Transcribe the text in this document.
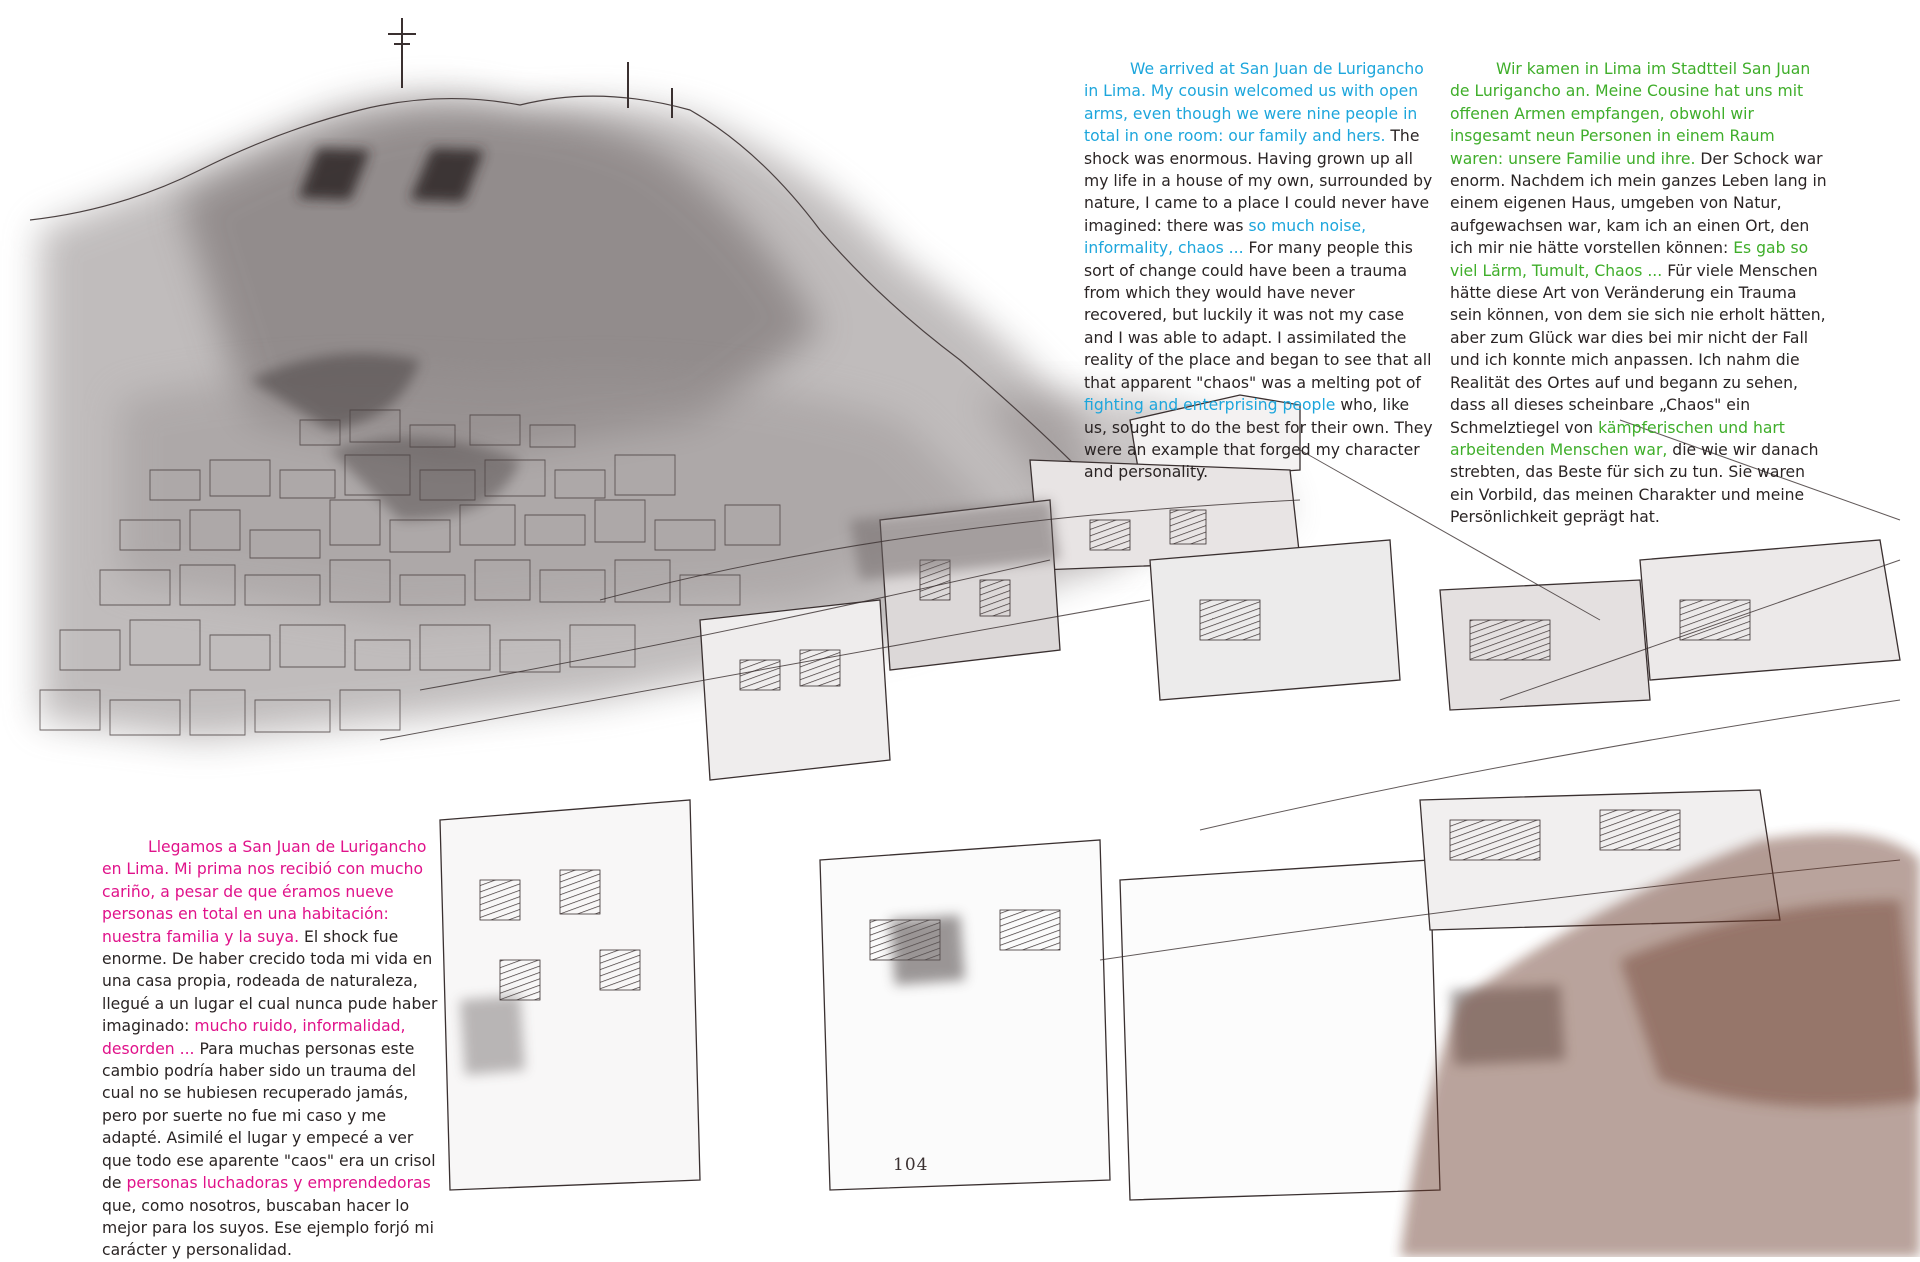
We arrived at San Juan de Lurigancho in Lima. My cousin welcomed us with open arms, even though we were nine people in total in one room: our family and hers. The shock was enormous. Having grown up all my life in a house of my own, surrounded by nature, I came to a place I could never have imagined: there was so much noise, informality, chaos ... For many people this sort of change could have been a trauma from which they would have never recovered, but luckily it was not my case and I was able to adapt. I assimilated the reality of the place and began to see that all that apparent "chaos" was a melting pot of fighting and enterprising people who, like us, sought to do the best for their own. They were an example that forged my character and personality.

Wir kamen in Lima im Stadtteil San Juan de Lurigancho an. Meine Cousine hat uns mit offenen Armen empfangen, obwohl wir insgesamt neun Personen in einem Raum waren: unsere Familie und ihre. Der Schock war enorm. Nachdem ich mein ganzes Leben lang in einem eigenen Haus, umgeben von Natur, aufgewachsen war, kam ich an einen Ort, den ich mir nie hätte vorstellen können: Es gab so viel Lärm, Tumult, Chaos ... Für viele Menschen hätte diese Art von Veränderung ein Trauma sein können, von dem sie sich nie erholt hätten, aber zum Glück war dies bei mir nicht der Fall und ich konnte mich anpassen. Ich nahm die Realität des Ortes auf und begann zu sehen, dass all dieses scheinbare „Chaos" ein Schmelztiegel von kämpferischen und hart arbeitenden Menschen war, die wie wir danach strebten, das Beste für sich zu tun. Sie waren ein Vorbild, das meinen Charakter und meine Persönlichkeit geprägt hat.

Llegamos a San Juan de Lurigancho en Lima. Mi prima nos recibió con mucho cariño, a pesar de que éramos nueve personas en total en una habitación: nuestra familia y la suya. El shock fue enorme. De haber crecido toda mi vida en una casa propia, rodeada de naturaleza, llegué a un lugar el cual nunca pude haber imaginado: mucho ruido, informalidad, desorden ... Para muchas personas este cambio podría haber sido un trauma del cual no se hubiesen recuperado jamás, pero por suerte no fue mi caso y me adapté. Asimilé el lugar y empecé a ver que todo ese aparente "caos" era un crisol de personas luchadoras y emprendedoras que, como nosotros, buscaban hacer lo mejor para los suyos. Ese ejemplo forjó mi carácter y personalidad.

104
